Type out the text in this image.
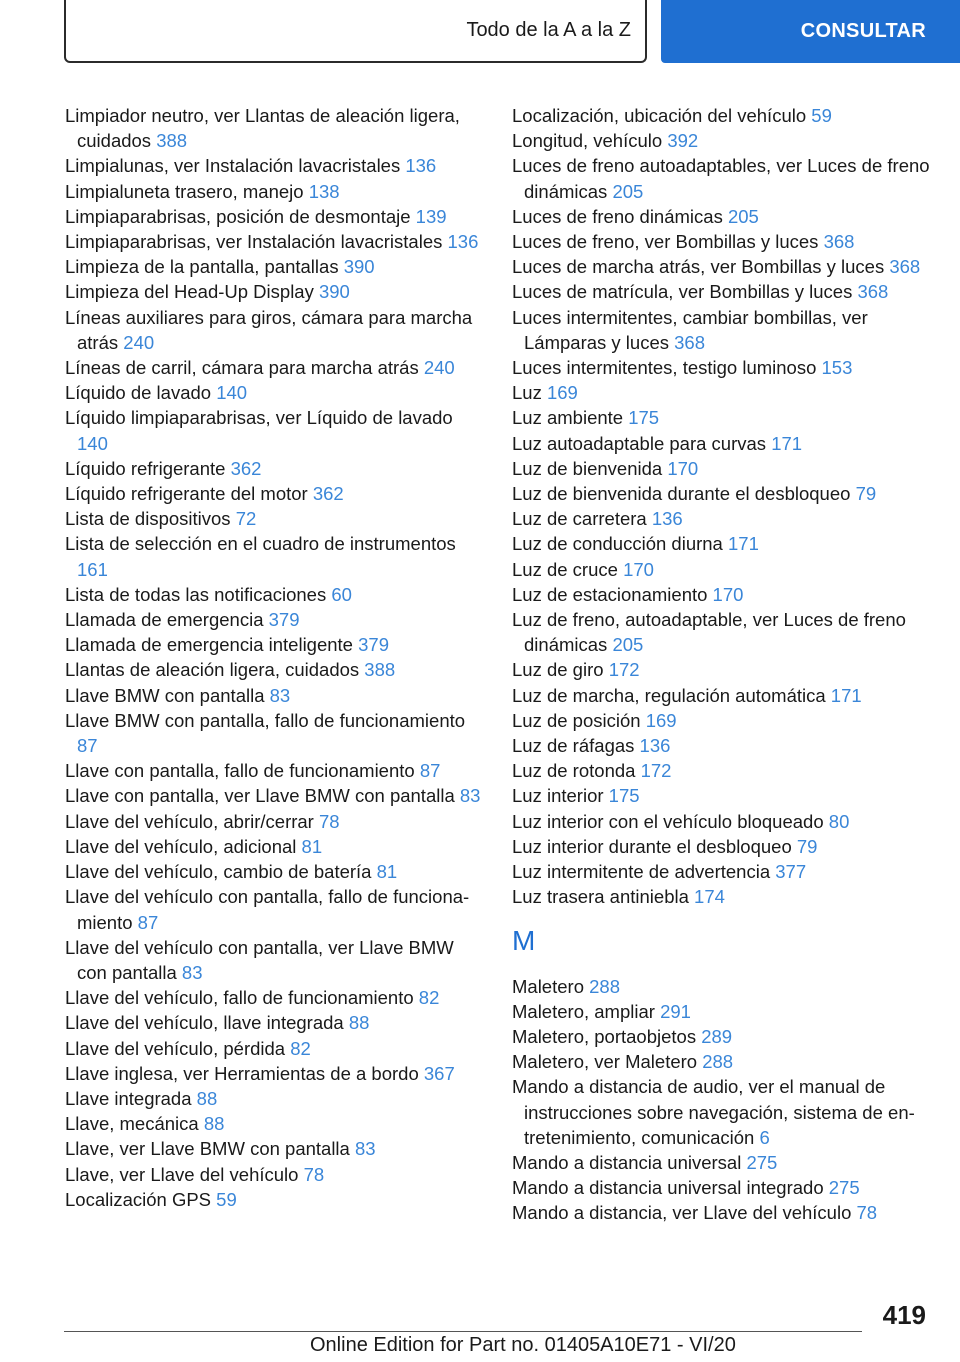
Todo de la A a la Z	CONSULTAR
Limpiador neutro, ver Llantas de aleación ligera, cuidados 388
Limpialunas, ver Instalación lavacristales 136
Limpialuneta trasero, manejo 138
Limpiaparabrisas, posición de desmontaje 139
Limpiaparabrisas, ver Instalación lavacristales 136
Limpieza de la pantalla, pantallas 390
Limpieza del Head-Up Display 390
Líneas auxiliares para giros, cámara para marcha atrás 240
Líneas de carril, cámara para marcha atrás 240
Líquido de lavado 140
Líquido limpiaparabrisas, ver Líquido de lavado 140
Líquido refrigerante 362
Líquido refrigerante del motor 362
Lista de dispositivos 72
Lista de selección en el cuadro de instrumentos 161
Lista de todas las notificaciones 60
Llamada de emergencia 379
Llamada de emergencia inteligente 379
Llantas de aleación ligera, cuidados 388
Llave BMW con pantalla 83
Llave BMW con pantalla, fallo de funcionamiento 87
Llave con pantalla, fallo de funcionamiento 87
Llave con pantalla, ver Llave BMW con pantalla 83
Llave del vehículo, abrir/cerrar 78
Llave del vehículo, adicional 81
Llave del vehículo, cambio de batería 81
Llave del vehículo con pantalla, fallo de funcionamiento 87
Llave del vehículo con pantalla, ver Llave BMW con pantalla 83
Llave del vehículo, fallo de funcionamiento 82
Llave del vehículo, llave integrada 88
Llave del vehículo, pérdida 82
Llave inglesa, ver Herramientas de a bordo 367
Llave integrada 88
Llave, mecánica 88
Llave, ver Llave BMW con pantalla 83
Llave, ver Llave del vehículo 78
Localización GPS 59
Localización, ubicación del vehículo 59
Longitud, vehículo 392
Luces de freno autoadaptables, ver Luces de freno dinámicas 205
Luces de freno dinámicas 205
Luces de freno, ver Bombillas y luces 368
Luces de marcha atrás, ver Bombillas y luces 368
Luces de matrícula, ver Bombillas y luces 368
Luces intermitentes, cambiar bombillas, ver Lámparas y luces 368
Luces intermitentes, testigo luminoso 153
Luz 169
Luz ambiente 175
Luz autoadaptable para curvas 171
Luz de bienvenida 170
Luz de bienvenida durante el desbloqueo 79
Luz de carretera 136
Luz de conducción diurna 171
Luz de cruce 170
Luz de estacionamiento 170
Luz de freno, autoadaptable, ver Luces de freno dinámicas 205
Luz de giro 172
Luz de marcha, regulación automática 171
Luz de posición 169
Luz de ráfagas 136
Luz de rotonda 172
Luz interior 175
Luz interior con el vehículo bloqueado 80
Luz interior durante el desbloqueo 79
Luz intermitente de advertencia 377
Luz trasera antiniebla 174
M
Maletero 288
Maletero, ampliar 291
Maletero, portaobjetos 289
Maletero, ver Maletero 288
Mando a distancia de audio, ver el manual de instrucciones sobre navegación, sistema de entretenimiento, comunicación 6
Mando a distancia universal 275
Mando a distancia universal integrado 275
Mando a distancia, ver Llave del vehículo 78
419
Online Edition for Part no. 01405A10E71 - VI/20
